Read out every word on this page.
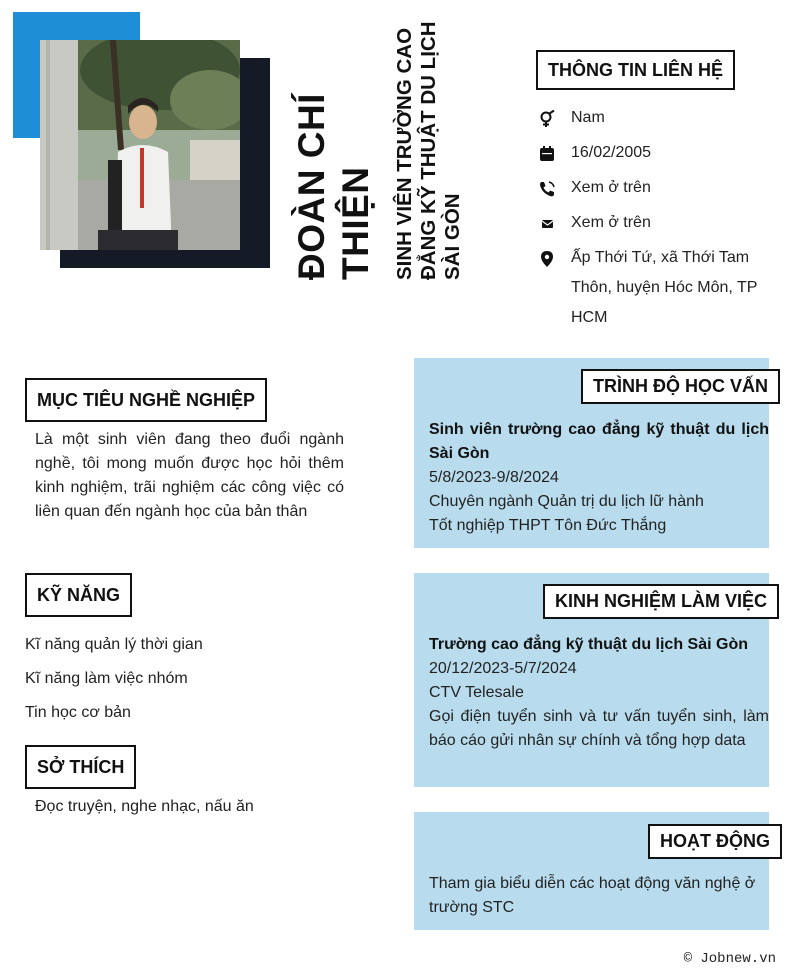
ĐOÀN CHÍ THIỆN SINH VIÊN TRƯỜNG CAO ĐẲNG KỸ THUẬT DU LỊCH SÀI GÒN
THÔNG TIN LIÊN HỆ
Nam
16/02/2005
Xem ở trên
Xem ở trên
Ấp Thới Tứ, xã Thới Tam
Thôn, huyện Hóc Môn, TP
HCM
MỤC TIÊU NGHỀ NGHIỆP
Là một sinh viên đang theo đuổi ngành nghề, tôi mong muốn được học hỏi thêm kinh nghiệm, trãi nghiệm các công việc có liên quan đến ngành học của bản thân
KỸ NĂNG
Kĩ năng quản lý thời gian
Kĩ năng làm việc nhóm
Tin học cơ bản
SỞ THÍCH
Đọc truyện, nghe nhạc, nấu ăn
TRÌNH ĐỘ HỌC VẤN
Sinh viên trường cao đẳng kỹ thuật du lịch
Sài Gòn
5/8/2023-9/8/2024
Chuyên ngành Quản trị du lịch lữ hành
Tốt nghiệp THPT Tôn Đức Thắng
KINH NGHIỆM LÀM VIỆC
Trường cao đẳng kỹ thuật du lịch Sài Gòn
20/12/2023-5/7/2024
CTV Telesale
Gọi điện tuyển sinh và tư vấn tuyển sinh, làm báo cáo gửi nhân sự chính và tổng hợp data
HOẠT ĐỘNG
Tham gia biểu diễn các hoạt động văn nghệ ở trường STC
© Jobnew.vn
